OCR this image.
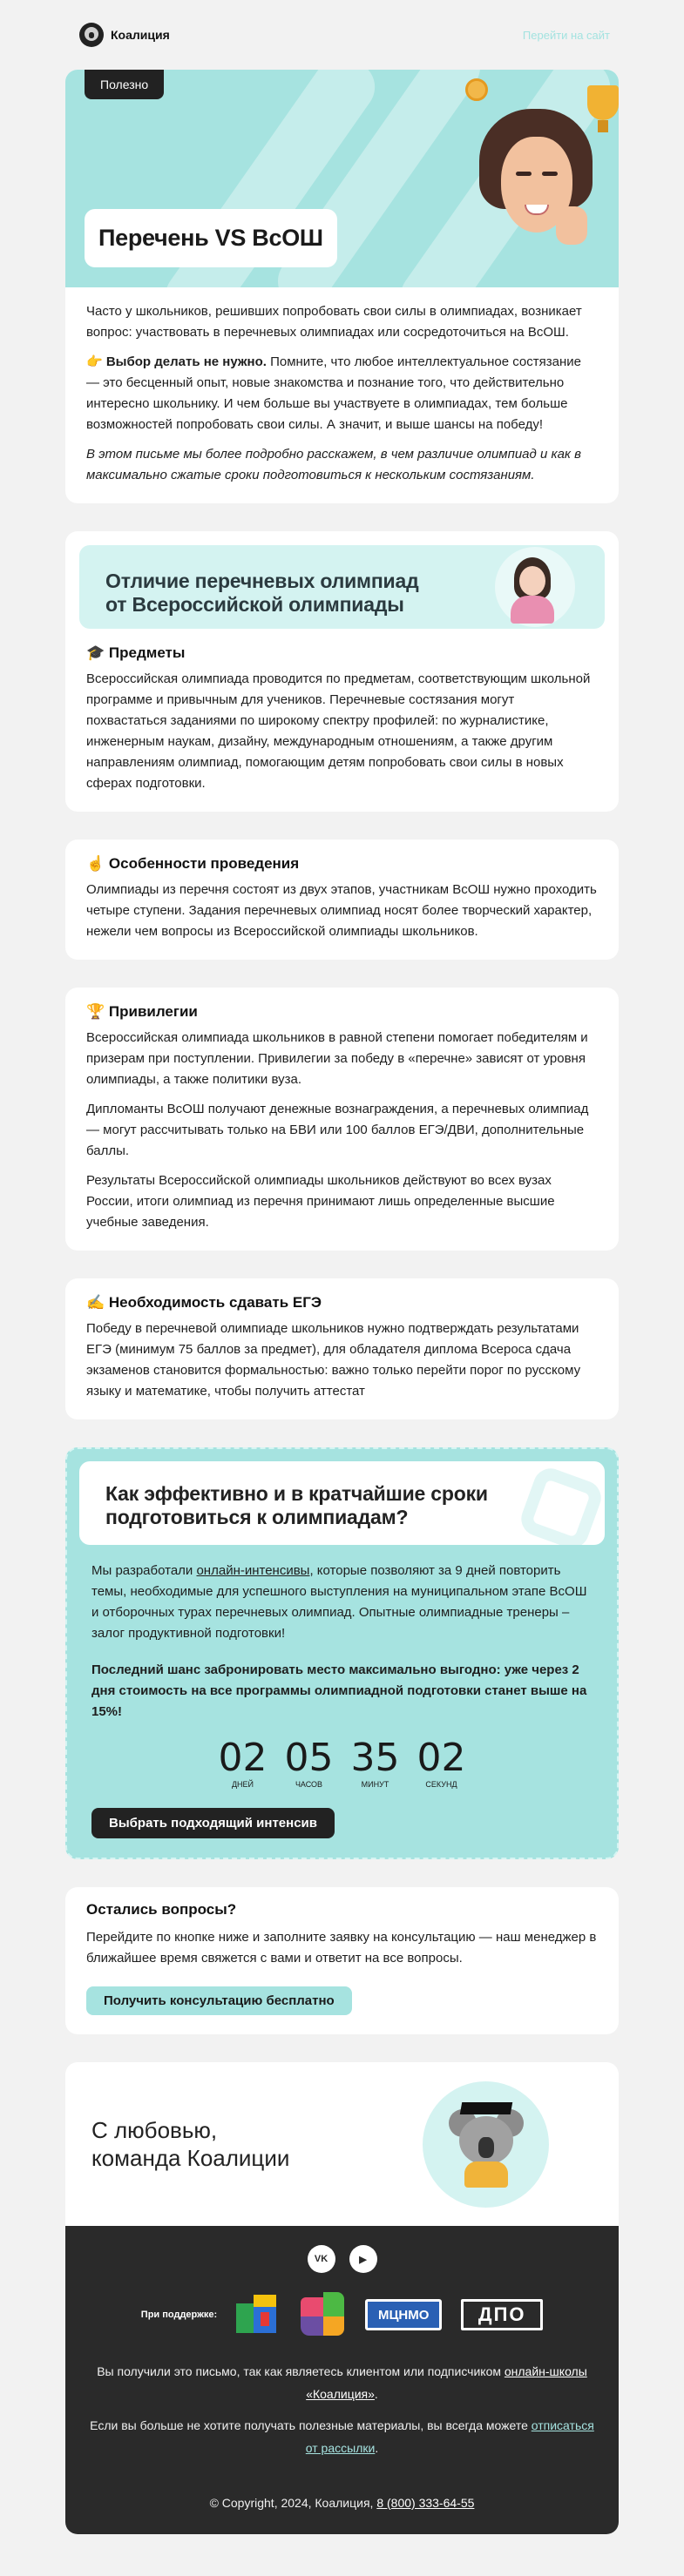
Коалиция	Перейти на сайт
Полезно
Перечень VS ВсОШ

Часто у школьников, решивших попробовать свои силы в олимпиадах, возникает вопрос: участвовать в перечневых олимпиадах или сосредоточиться на ВсОШ.

👉 Выбор делать не нужно. Помните, что любое интеллектуальное состязание — это бесценный опыт, новые знакомства и познание того, что действительно интересно школьнику. И чем больше вы участвуете в олимпиадах, тем больше возможностей попробовать свои силы. А значит, и выше шансы на победу!

В этом письме мы более подробно расскажем, в чем различие олимпиад и как в максимально сжатые сроки подготовиться к нескольким состязаниям.

Отличие перечневых олимпиад
от Всероссийской олимпиады
🎓 Предметы

Всероссийская олимпиада проводится по предметам, соответствующим школьной программе и привычным для учеников. Перечневые состязания могут похвастаться заданиями по широкому спектру профилей: по журналистике, инженерным наукам, дизайну, международным отношениям, а также другим направлениям олимпиад, помогающим детям попробовать свои силы в новых сферах подготовки.

☝️ Особенности проведения

Олимпиады из перечня состоят из двух этапов, участникам ВсОШ нужно проходить четыре ступени. Задания перечневых олимпиад носят более творческий характер, нежели чем вопросы из Всероссийской олимпиады школьников.

🏆 Привилегии

Всероссийская олимпиада школьников в равной степени помогает победителям и призерам при поступлении. Привилегии за победу в «перечне» зависят от уровня олимпиады, а также политики вуза.

Дипломанты ВсОШ получают денежные вознаграждения, а перечневых олимпиад — могут рассчитывать только на БВИ или 100 баллов ЕГЭ/ДВИ, дополнительные баллы.

Результаты Всероссийской олимпиады школьников действуют во всех вузах России, итоги олимпиад из перечня принимают лишь определенные высшие учебные заведения.

✍️ Необходимость сдавать ЕГЭ

Победу в перечневой олимпиаде школьников нужно подтверждать результатами ЕГЭ (минимум 75 баллов за предмет), для обладателя диплома Всероса сдача экзаменов становится формальностью: важно только перейти порог по русскому языку и математике, чтобы получить аттестат

Как эффективно и в кратчайшие сроки
подготовиться к олимпиадам?

Мы разработали онлайн-интенсивы, которые позволяют за 9 дней повторить темы, необходимые для успешного выступления на муниципальном этапе ВсОШ и отборочных турах перечневых олимпиад. Опытные олимпиадные тренеры – залог продуктивной подготовки!

Последний шанс забронировать место максимально выгодно: уже через 2 дня стоимость на все программы олимпиадной подготовки станет выше на 15%!

02
ДНЕЙ
05
ЧАСОВ
35
МИНУТ
02
СЕКУНД
Выбрать подходящий интенсив
Остались вопросы?

Перейдите по кнопке ниже и заполните заявку на консультацию — наш менеджер в ближайшее время свяжется с вами и ответит на все вопросы.

Получить консультацию бесплатно
С любовью,
команда Коалиции
VK	▶
При поддержке:	МЦНМО	ДПО

Вы получили это письмо, так как являетесь клиентом или подписчиком онлайн-школы «Коалиция».

Если вы больше не хотите получать полезные материалы, вы всегда можете отписаться от рассылки.

© Copyright, 2024, Коалиция, 8 (800) 333-64-55
